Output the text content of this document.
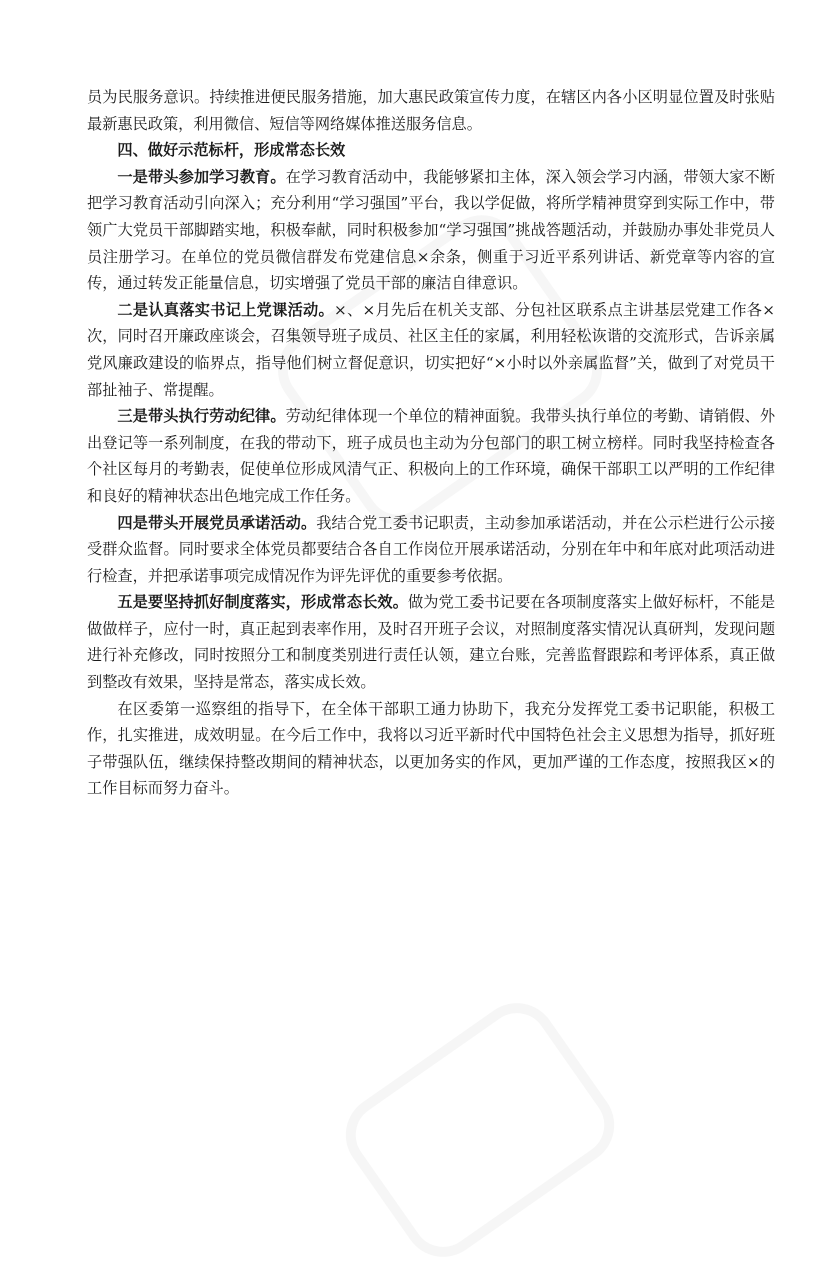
员为民服务意识。持续推进便民服务措施，加大惠民政策宣传力度，在辖区内各小区明显位置及时张贴最新惠民政策，利用微信、短信等网络媒体推送服务信息。

四、做好示范标杆，形成常态长效

一是带头参加学习教育。在学习教育活动中，我能够紧扣主体，深入领会学习内涵，带领大家不断把学习教育活动引向深入；充分利用“学习强国”平台，我以学促做，将所学精神贯穿到实际工作中，带领广大党员干部脚踏实地，积极奉献，同时积极参加“学习强国”挑战答题活动，并鼓励办事处非党员人员注册学习。在单位的党员微信群发布党建信息×余条，侧重于习近平系列讲话、新党章等内容的宣传，通过转发正能量信息，切实增强了党员干部的廉洁自律意识。

二是认真落实书记上党课活动。×、×月先后在机关支部、分包社区联系点主讲基层党建工作各×次，同时召开廉政座谈会，召集领导班子成员、社区主任的家属，利用轻松诙谐的交流形式，告诉亲属党风廉政建设的临界点，指导他们树立督促意识，切实把好“×小时以外亲属监督”关，做到了对党员干部扯袖子、常提醒。

三是带头执行劳动纪律。劳动纪律体现一个单位的精神面貌。我带头执行单位的考勤、请销假、外出登记等一系列制度，在我的带动下，班子成员也主动为分包部门的职工树立榜样。同时我坚持检查各个社区每月的考勤表，促使单位形成风清气正、积极向上的工作环境，确保干部职工以严明的工作纪律和良好的精神状态出色地完成工作任务。

四是带头开展党员承诺活动。我结合党工委书记职责，主动参加承诺活动，并在公示栏进行公示接受群众监督。同时要求全体党员都要结合各自工作岗位开展承诺活动，分别在年中和年底对此项活动进行检查，并把承诺事项完成情况作为评先评优的重要参考依据。

五是要坚持抓好制度落实，形成常态长效。做为党工委书记要在各项制度落实上做好标杆，不能是做做样子，应付一时，真正起到表率作用，及时召开班子会议，对照制度落实情况认真研判，发现问题进行补充修改，同时按照分工和制度类别进行责任认领，建立台账，完善监督跟踪和考评体系，真正做到整改有效果，坚持是常态，落实成长效。

在区委第一巡察组的指导下，在全体干部职工通力协助下，我充分发挥党工委书记职能，积极工作，扎实推进，成效明显。在今后工作中，我将以习近平新时代中国特色社会主义思想为指导，抓好班子带强队伍，继续保持整改期间的精神状态，以更加务实的作风，更加严谨的工作态度，按照我区×的工作目标而努力奋斗。
